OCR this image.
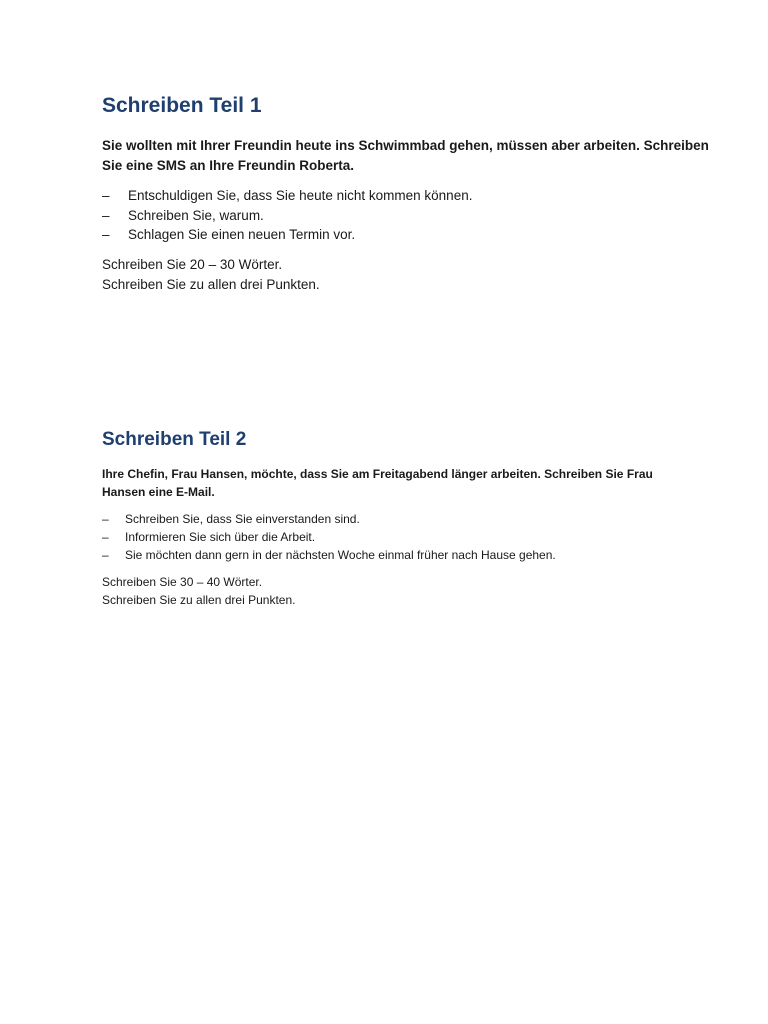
Schreiben Teil 1

Sie wollten mit Ihrer Freundin heute ins Schwimmbad gehen, müssen aber arbeiten. Schreiben Sie eine SMS an Ihre Freundin Roberta.

– Entschuldigen Sie, dass Sie heute nicht kommen können.
– Schreiben Sie, warum.
– Schlagen Sie einen neuen Termin vor.

Schreiben Sie 20 – 30 Wörter.
Schreiben Sie zu allen drei Punkten.

Schreiben Teil 2

Ihre Chefin, Frau Hansen, möchte, dass Sie am Freitagabend länger arbeiten. Schreiben Sie Frau Hansen eine E-Mail.

– Schreiben Sie, dass Sie einverstanden sind.
– Informieren Sie sich über die Arbeit.
– Sie möchten dann gern in der nächsten Woche einmal früher nach Hause gehen.

Schreiben Sie 30 – 40 Wörter.
Schreiben Sie zu allen drei Punkten.
